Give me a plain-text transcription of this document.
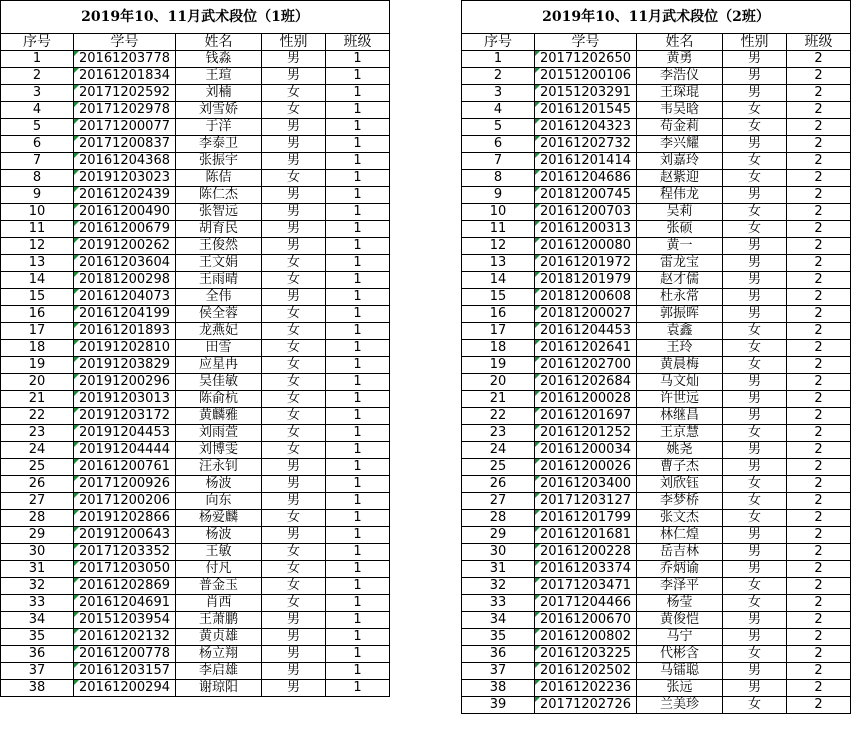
2019年10、11月武术段位（1班）				
序号	学号	姓名	性别	班级
1	20161203778	钱淼	男	1
2	20161201834	王瑄	男	1
3	20171202592	刘楠	女	1
4	20171202978	刘雪娇	女	1
5	20171200077	于洋	男	1
6	20171200837	李泰卫	男	1
7	20161204368	张振宇	男	1
8	20191203023	陈佶	女	1
9	20161202439	陈仁杰	男	1
10	20161200490	张智远	男	1
11	20161200679	胡育民	男	1
12	20191200262	王俊然	男	1
13	20161203604	王文娟	女	1
14	20181200298	王雨晴	女	1
15	20161204073	全伟	男	1
16	20161204199	侯全蓉	女	1
17	20161201893	龙燕妃	女	1
18	20191202810	田雪	女	1
19	20191203829	应星冉	女	1
20	20191200296	吴佳敏	女	1
21	20191203013	陈俞杭	女	1
22	20191203172	黄麟雅	女	1
23	20191204453	刘雨萱	女	1
24	20191204444	刘博雯	女	1
25	20161200761	汪永钊	男	1
26	20171200926	杨波	男	1
27	20171200206	向东	男	1
28	20191202866	杨爱麟	女	1
29	20191200643	杨波	男	1
30	20171203352	王敏	女	1
31	20171203050	付凡	女	1
32	20161202869	普金玉	女	1
33	20161204691	肖西	女	1
34	20151203954	王萧鹏	男	1
35	20161202132	黄贞雄	男	1
36	20161200778	杨立翔	男	1
37	20161203157	李启雄	男	1
38	20161200294	谢琼阳	男	1
2019年10、11月武术段位（2班）				
序号	学号	姓名	性别	班级
1	20171202650	黄勇	男	2
2	20151200106	李浩仪	男	2
3	20151203291	王琛琨	男	2
4	20161201545	韦吴晗	女	2
5	20161204323	苟金莉	女	2
6	20161202732	李兴耀	男	2
7	20161201414	刘嘉玲	女	2
8	20161204686	赵紫迎	女	2
9	20181200745	程伟龙	男	2
10	20161200703	吴莉	女	2
11	20161200313	张硕	女	2
12	20161200080	黄一	男	2
13	20161201972	雷龙宝	男	2
14	20181201979	赵才儒	男	2
15	20181200608	杜永常	男	2
16	20181200027	郭振晖	男	2
17	20161204453	袁鑫	女	2
18	20161202641	王玲	女	2
19	20161202700	黄晨梅	女	2
20	20161202684	马文灿	男	2
21	20161200028	许世远	男	2
22	20161201697	林继昌	男	2
23	20161201252	王京慧	女	2
24	20161200034	姚尧	男	2
25	20161200026	曹子杰	男	2
26	20161203400	刘欣钰	女	2
27	20171203127	李梦桥	女	2
28	20161201799	张文杰	女	2
29	20161201681	林仁煌	男	2
30	20161200228	岳吉林	男	2
31	20161203374	乔炳谕	男	2
32	20171203471	李泽平	女	2
33	20171204466	杨莹	女	2
34	20161200670	黄俊恺	男	2
35	20161200802	马宁	男	2
36	20161203225	代彬含	女	2
37	20161202502	马镭聪	男	2
38	20161202236	张远	男	2
39	20171202726	兰美珍	女	2
